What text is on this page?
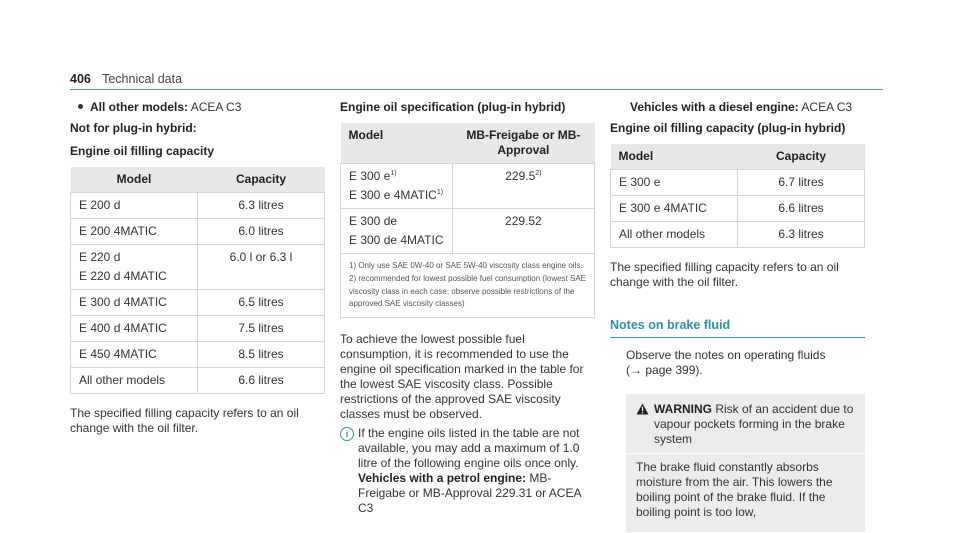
406 Technical data

All other models: ACEA C3

Not for plug-in hybrid:

Engine oil filling capacity

Model	Capacity

E 200 d	6.3 litres

E 200 4MATIC	6.0 litres

E 220 d
E 220 d 4MATIC	6.0 l or 6.3 l

E 300 d 4MATIC	6.5 litres

E 400 d 4MATIC	7.5 litres

E 450 4MATIC	8.5 litres

All other models	6.6 litres

The specified filling capacity refers to an oil change with the oil filter.

Engine oil specification (plug-in hybrid)

Model	MB-Freigabe or MB-Approval

E 300 $e^{1)}$
E 300 e 4MATIC$^{1)}$	229.5$^{2)}$

E 300 de
E 300 de 4MATIC	229.52

1) Only use SAE 0W-40 or SAE 5W-40 viscosity class engine oils.
2) recommended for lowest possible fuel consumption (lowest SAE viscosity class in each case; observe possible restrictions of the approved SAE viscosity classes)	

To achieve the lowest possible fuel consumption, it is recommended to use the engine oil specification marked in the table for the lowest SAE viscosity class. Possible restrictions of the approved SAE viscosity classes must be observed.

i If the engine oils listed in the table are not available, you may add a maximum of 1.0 litre of the following engine oils once only.

Vehicles with a petrol engine: MB-Freigabe or MB-Approval 229.31 or ACEA C3

Vehicles with a diesel engine: ACEA C3

Engine oil filling capacity (plug-in hybrid)

Model	Capacity
E 300 e	6.7 litres
E 300 e 4MATIC	6.6 litres
All other models	6.3 litres

The specified filling capacity refers to an oil change with the oil filter.

Notes on brake fluid

Observe the notes on operating fluids
(→ page 399).

WARNING Risk of an accident due to vapour pockets forming in the brake system

The brake fluid constantly absorbs moisture from the air. This lowers the boiling point of the brake fluid. If the boiling point is too low,
